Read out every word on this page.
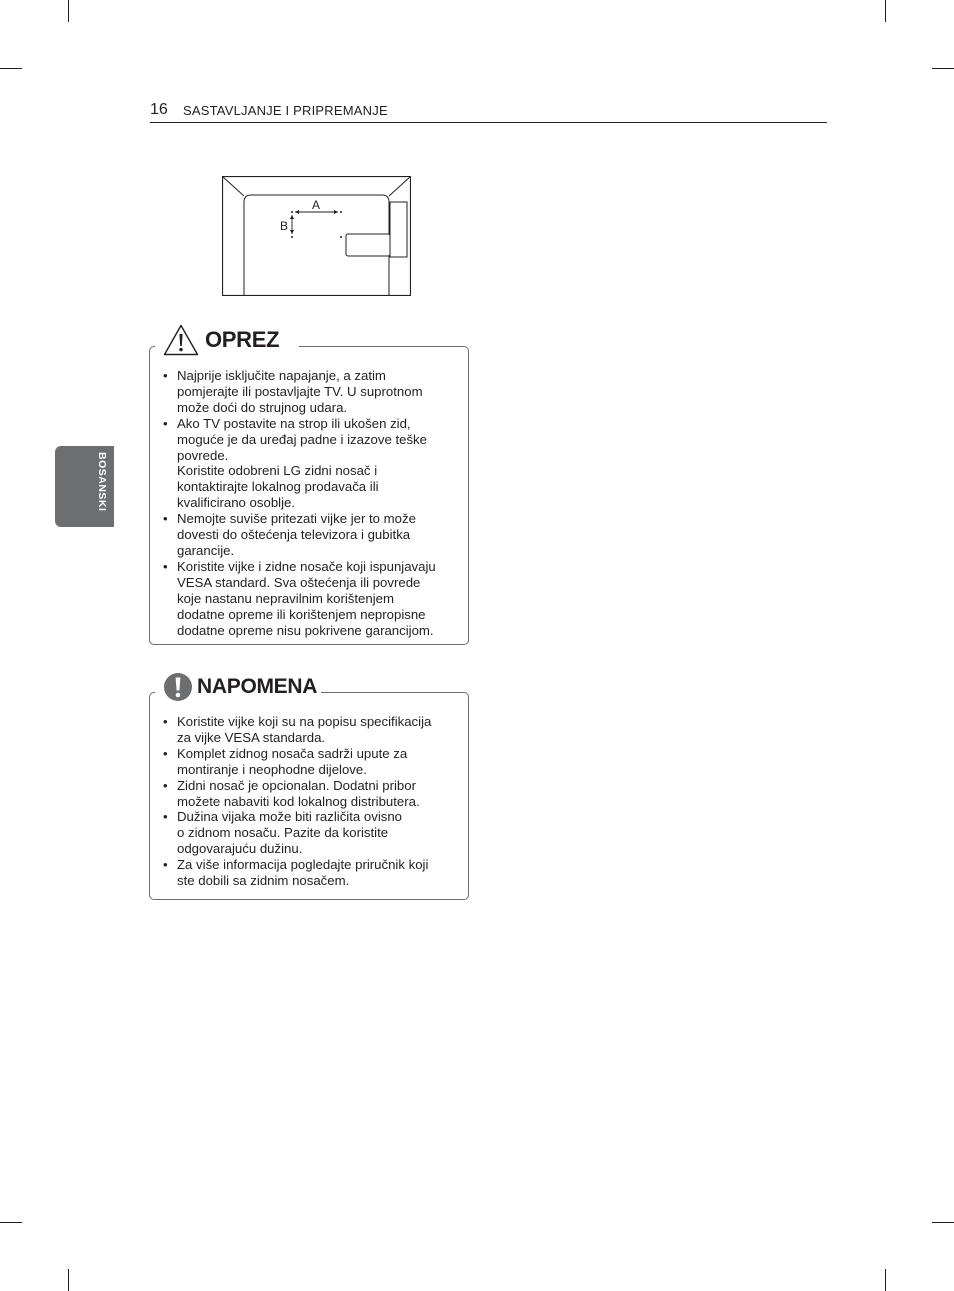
16 SASTAVLJANJE I PRIPREMANJE
BOSANSKI
A
B
OPREZ
• Najprije isključite napajanje, a zatim
pomjerajte ili postavljajte TV. U suprotnom
može doći do strujnog udara.
• Ako TV postavite na strop ili ukošen zid,
moguće je da uređaj padne i izazove teške
povrede.
Koristite odobreni LG zidni nosač i
kontaktirajte lokalnog prodavača ili
kvalificirano osoblje.
• Nemojte suviše pritezati vijke jer to može
dovesti do oštećenja televizora i gubitka
garancije.
• Koristite vijke i zidne nosače koji ispunjavaju
VESA standard. Sva oštećenja ili povrede
koje nastanu nepravilnim korištenjem
dodatne opreme ili korištenjem nepropisne
dodatne opreme nisu pokrivene garancijom.
NAPOMENA
• Koristite vijke koji su na popisu specifikacija
za vijke VESA standarda.
• Komplet zidnog nosača sadrži upute za
montiranje i neophodne dijelove.
• Zidni nosač je opcionalan. Dodatni pribor
možete nabaviti kod lokalnog distributera.
• Dužina vijaka može biti različita ovisno
o zidnom nosaču. Pazite da koristite
odgovarajuću dužinu.
• Za više informacija pogledajte priručnik koji
ste dobili sa zidnim nosačem.
